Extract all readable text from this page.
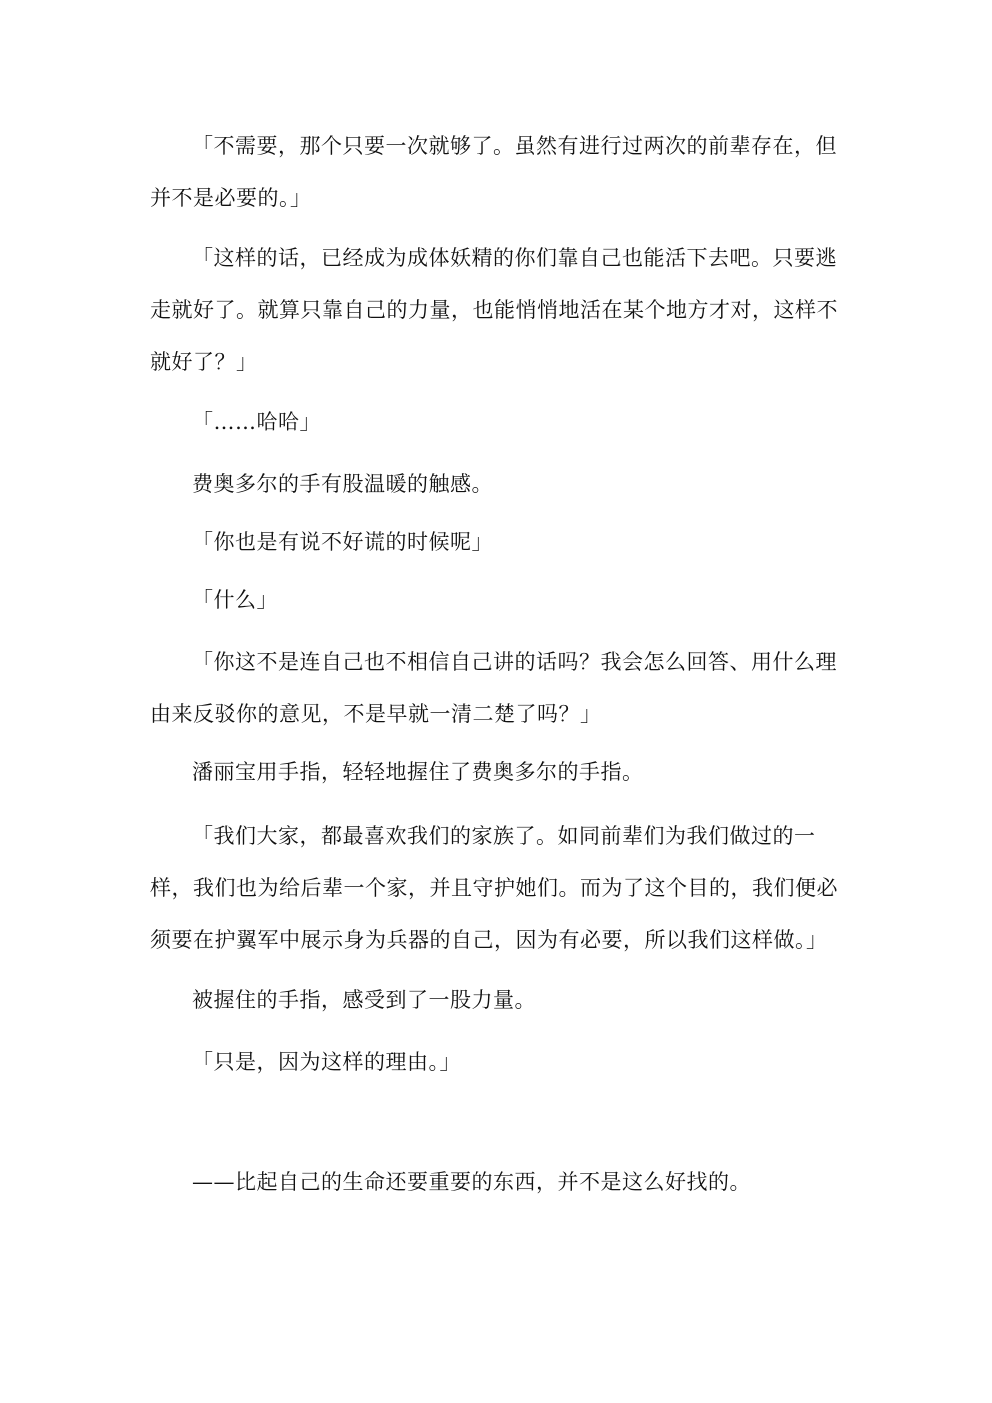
「不需要，那个只要一次就够了。虽然有进行过两次的前辈存在，但并不是必要的。」

「这样的话，已经成为成体妖精的你们靠自己也能活下去吧。只要逃走就好了。就算只靠自己的力量，也能悄悄地活在某个地方才对，这样不就好了？」

「……哈哈」

费奥多尔的手有股温暖的触感。

「你也是有说不好谎的时候呢」

「什么」

「你这不是连自己也不相信自己讲的话吗？我会怎么回答、用什么理由来反驳你的意见，不是早就一清二楚了吗？」

潘丽宝用手指，轻轻地握住了费奥多尔的手指。

「我们大家，都最喜欢我们的家族了。如同前辈们为我们做过的一样，我们也为给后辈一个家，并且守护她们。而为了这个目的，我们便必须要在护翼军中展示身为兵器的自己，因为有必要，所以我们这样做。」

被握住的手指，感受到了一股力量。

「只是，因为这样的理由。」

——比起自己的生命还要重要的东西，并不是这么好找的。
